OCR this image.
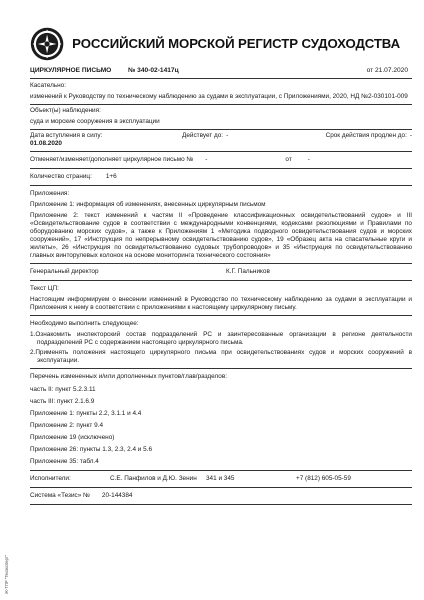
РОССИЙСКИЙ МОРСКОЙ РЕГИСТР СУДОХОДСТВА
ЦИРКУЛЯРНОЕ ПИСЬМО	№ 340-02-1417ц	от 21.07.2020
Касательно:
изменений к Руководству по техническому наблюдению за судами в эксплуатации, с Приложениями, 2020, НД №2-030101-009
Объект(ы) наблюдения:
суда и морские сооружения в эксплуатации
Дата вступления в силу:
01.08.2020
Действует до: -	Срок действия продлен до: -
Отменяет/изменяет/дополняет циркулярное письмо № -	от	-
Количество страниц: 1+6
Приложения:
Приложение 1: информация об изменениях, внесенных циркулярным письмом
Приложение 2: текст изменений к частям II «Проведение классификационных освидетельствований судов» и III «Освидетельствование судов в соответствии с международными конвенциями, кодексами резолюциями и Правилами по оборудованию морских судов», а также к Приложениям 1 «Методика подводного освидетельствования судов и морских сооружений», 17 «Инструкция по непрерывному освидетельствованию судов», 19 «Образец акта на спасательные круги и жилеты», 26 «Инструкция по освидетельствованию судовых трубопроводов» и 35 «Инструкция по освидетельствованию главных винторулевых колонок на основе мониторинга технического состояния»
Генеральный директор	К.Г. Пальников
Текст ЦП:
Настоящим информируем о внесении изменений в Руководство по техническому наблюдению за судами в эксплуатации и Приложения к нему в соответствии с приложениями к настоящему циркулярному письму.
Необходимо выполнить следующее:
1.Ознакомить инспекторский состав подразделений РС и заинтересованные организации в регионе деятельности подразделений РС с содержанием настоящего циркулярного письма.
2.Применять положения настоящего циркулярного письма при освидетельствованиях судов и морских сооружений в эксплуатации.
Перечень измененных и/или дополненных пунктов/глав/разделов:
часть II: пункт 5.2.3.11
часть III: пункт 2.1.6.9
Приложение 1: пункты 2.2, 3.1.1 и 4.4
Приложение 2: пункт 9.4
Приложение 19 (исключено)
Приложение 26: пункты 1.3, 2.3, 2.4 и 5.6
Приложение 35: табл.4
Исполнители:	С.Е. Панфилов и Д.Ю. Зенин	341 и 345	+7 (812) 605-05-59
Система «Тезис» № 20-144384
Ж-ТПР "Техэксперт"
